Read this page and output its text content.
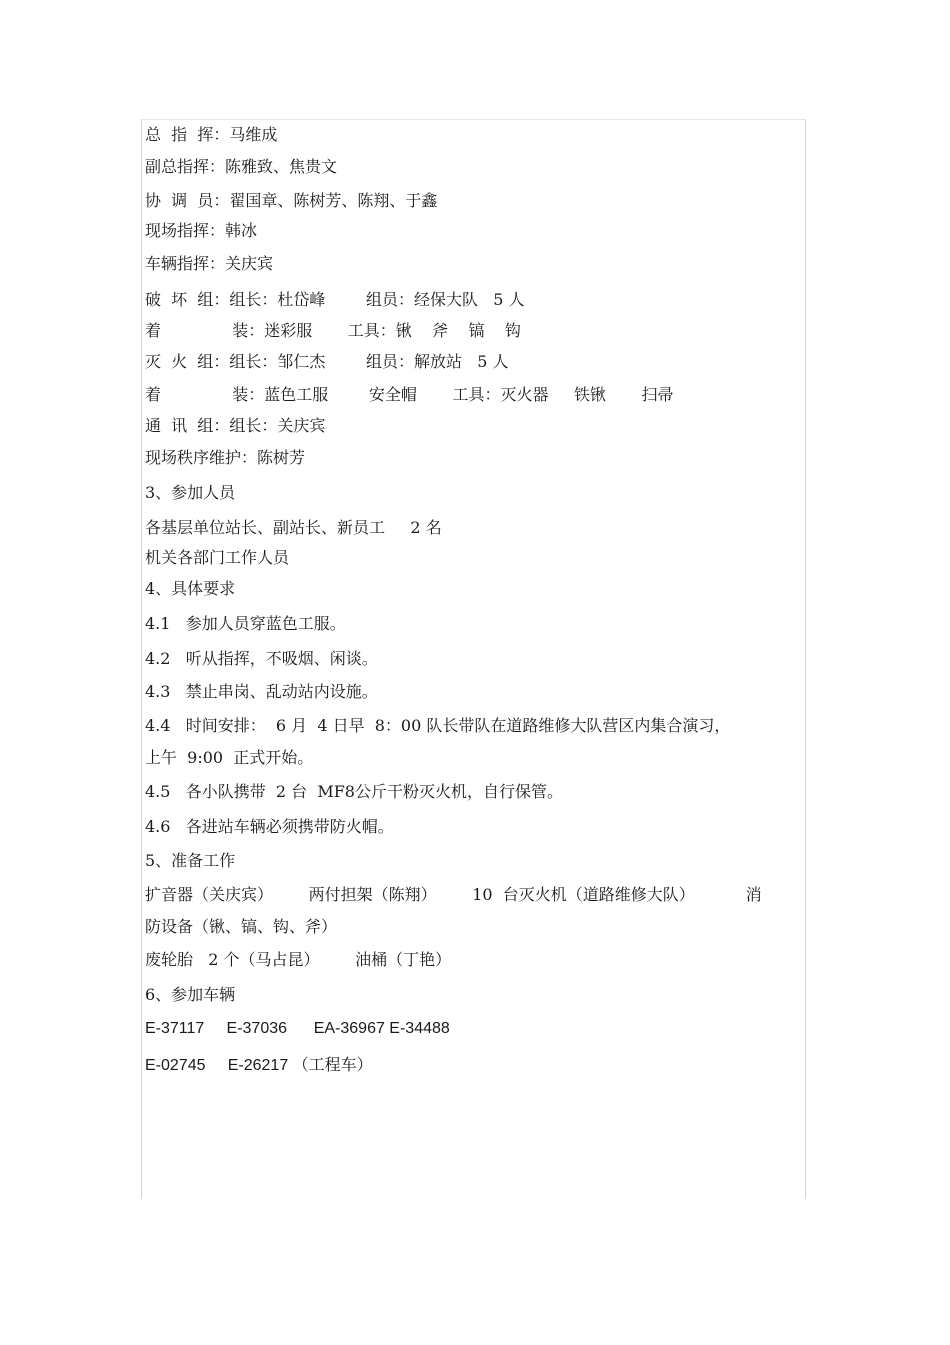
总  指  挥：马维成
副总指挥：陈雅致、焦贵文
协  调  员：翟国章、陈树芳、陈翔、于鑫
现场指挥：韩冰
车辆指挥：关庆宾
破  坏  组：组长：杜岱峰        组员：经保大队   5 人
着              装：迷彩服       工具：锹    斧    镐    钩
灭  火  组：组长：邹仁杰        组员：解放站   5 人
着              装：蓝色工服        安全帽       工具：灭火器     铁锹       扫帚
通  讯  组：组长：关庆宾
现场秩序维护：陈树芳
3、参加人员
各基层单位站长、副站长、新员工     2 名
机关各部门工作人员
4、具体要求
4.1   参加人员穿蓝色工服。
4.2   听从指挥，不吸烟、闲谈。
4.3   禁止串岗、乱动站内设施。
4.4   时间安排：  6 月  4 日早  8：00 队长带队在道路维修大队营区内集合演习，
上午  9:00  正式开始。
4.5   各小队携带  2 台  MF8公斤干粉灭火机，自行保管。
4.6   各进站车辆必须携带防火帽。
5、准备工作
扩音器（关庆宾）       两付担架（陈翔）       10  台灭火机（道路维修大队）          消
防设备（锹、镐、钩、斧）
废轮胎   2 个（马占昆）       油桶（丁艳）
6、参加车辆
E-37117     E-37036      EA-36967 E-34488
E-02745     E-26217 （工程车）
